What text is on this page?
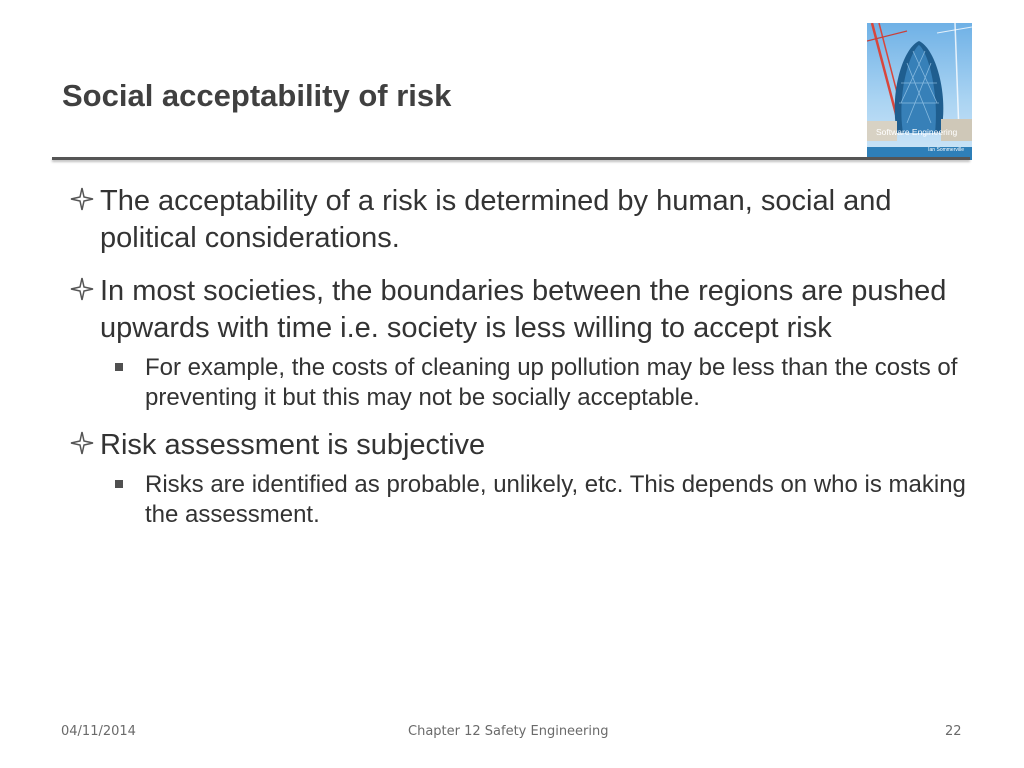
Social acceptability of risk
Software Engineering
Ian Sommerville
The acceptability of a risk is determined by human, social and political considerations.
In most societies, the boundaries between the regions are pushed upwards with time i.e. society is less willing to accept risk
For example, the costs of cleaning up pollution may be less than the costs of preventing it but this may not be socially acceptable.
Risk assessment is subjective
Risks are identified as probable, unlikely, etc. This depends on who is making the assessment.
04/11/2014	Chapter 12 Safety Engineering	22
